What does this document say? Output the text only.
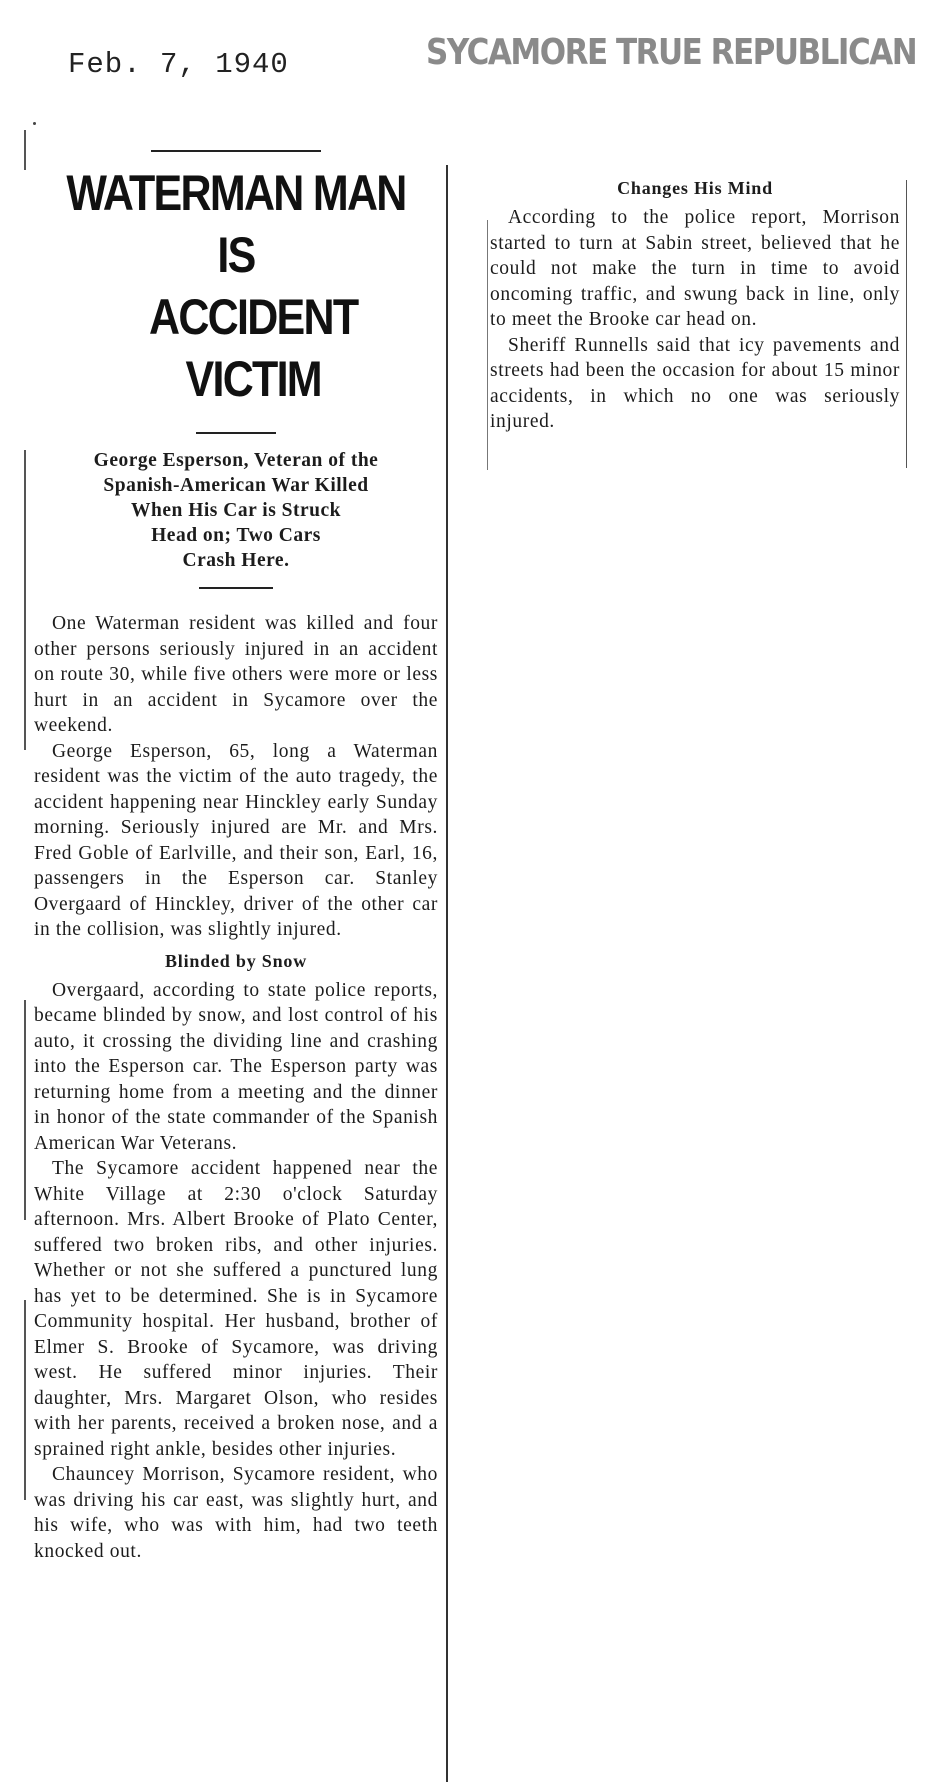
Feb. 7, 1940	SYCAMORE TRUE REPUBLICAN
WATERMAN MAN IS
ACCIDENT VICTIM
George Esperson, Veteran of the
Spanish-American War Killed
When His Car is Struck
Head on; Two Cars
Crash Here.

One Waterman resident was killed and four other persons seriously injured in an accident on route 30, while five others were more or less hurt in an accident in Sycamore over the weekend.

George Esperson, 65, long a Waterman resident was the victim of the auto tragedy, the accident happening near Hinckley early Sunday morning. Seriously injured are Mr. and Mrs. Fred Goble of Earlville, and their son, Earl, 16, passengers in the Esperson car. Stanley Overgaard of Hinckley, driver of the other car in the collision, was slightly injured.

Blinded by Snow

Overgaard, according to state police reports, became blinded by snow, and lost control of his auto, it crossing the dividing line and crashing into the Esperson car. The Esperson party was returning home from a meeting and the dinner in honor of the state commander of the Spanish American War Veterans.

The Sycamore accident happened near the White Village at 2:30 o'clock Saturday afternoon. Mrs. Albert Brooke of Plato Center, suffered two broken ribs, and other injuries. Whether or not she suffered a punctured lung has yet to be determined. She is in Sycamore Community hospital. Her husband, brother of Elmer S. Brooke of Sycamore, was driving west. He suffered minor injuries. Their daughter, Mrs. Margaret Olson, who resides with her parents, received a broken nose, and a sprained right ankle, besides other injuries.

Chauncey Morrison, Sycamore resident, who was driving his car east, was slightly hurt, and his wife, who was with him, had two teeth knocked out.

Changes His Mind

According to the police report, Morrison started to turn at Sabin street, believed that he could not make the turn in time to avoid oncoming traffic, and swung back in line, only to meet the Brooke car head on.

Sheriff Runnells said that icy pavements and streets had been the occasion for about 15 minor accidents, in which no one was seriously injured.
